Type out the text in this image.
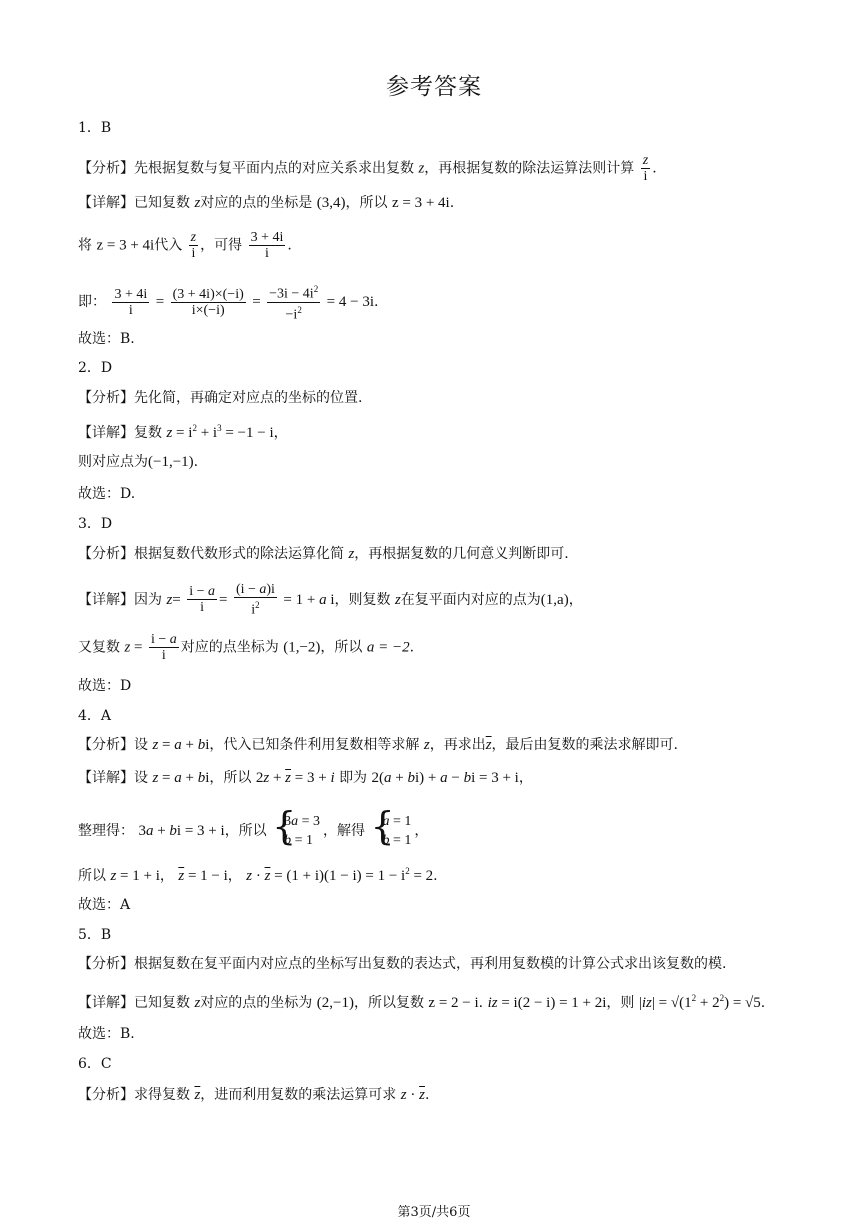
参考答案
1．B
【分析】先根据复数与复平面内点的对应关系求出复数 z，再根据复数的除法运算法则计算 $\frac{z}{i}$ .
【详解】已知复数 z对应的点的坐标是 (3,4)，所以 z = 3 + 4i.
将 z = 3 + 4i代入 $\frac{z}{i}$ ，可得 $\frac{3 + 4i}{i}$ .
即： $\frac{3 + 4i}{i} = \frac{(3 + 4i)\times(-i)}{i\times(-i)} = \frac{-3i - 4i^2}{-i^2} = 4 - 3i$.
故选：B.
2．D
【分析】先化简，再确定对应点的坐标的位置.
【详解】复数 $z = i^2 + i^3 = -1 - i$，
则对应点为(−1,−1).
故选：D.
3．D
【分析】根据复数代数形式的除法运算化简 z，再根据复数的几何意义判断即可.
【详解】因为 $z= \frac{i - a}{i} = \frac{(i - a)i}{i^2} = 1 + a$ i，则复数 z在复平面内对应的点为(1,a)，
又复数 $z = \frac{i - a}{i}$ 对应的点坐标为 (1,−2)，所以 a = −2.
故选：D
4．A
【分析】设 z = a + bi，代入已知条件利用复数相等求解 z，再求出$\overline{z}$，最后由复数的乘法求解即可.
【详解】设 z = a + bi，所以 $2z + \overline{z} = 3 + i$ 即为 2(a + bi) + a − bi = 3 + i，
整理得： 3a + bi = 3 + i，所以
{ 3a = 3
b = 1
，解得
{ a = 1
b = 1
，
所以 z = 1 + i， $\overline{z} = 1 - i$， $z \cdot \overline{z} = (1 + i)(1 - i) = 1 - i^2 = 2$.
故选：A
5．B
【分析】根据复数在复平面内对应点的坐标写出复数的表达式，再利用复数模的计算公式求出该复数的模.
【详解】已知复数 z对应的点的坐标为 (2,−1)，所以复数 z = 2 − i. iz = i(2 − i) = 1 + 2i，则 $|iz| = √(1^2 + 2^2) = √5$.
故选：B.
6．C
【分析】求得复数 $\overline{z}$，进而利用复数的乘法运算可求 $z \cdot \overline{z}$.
第3页/共6页
